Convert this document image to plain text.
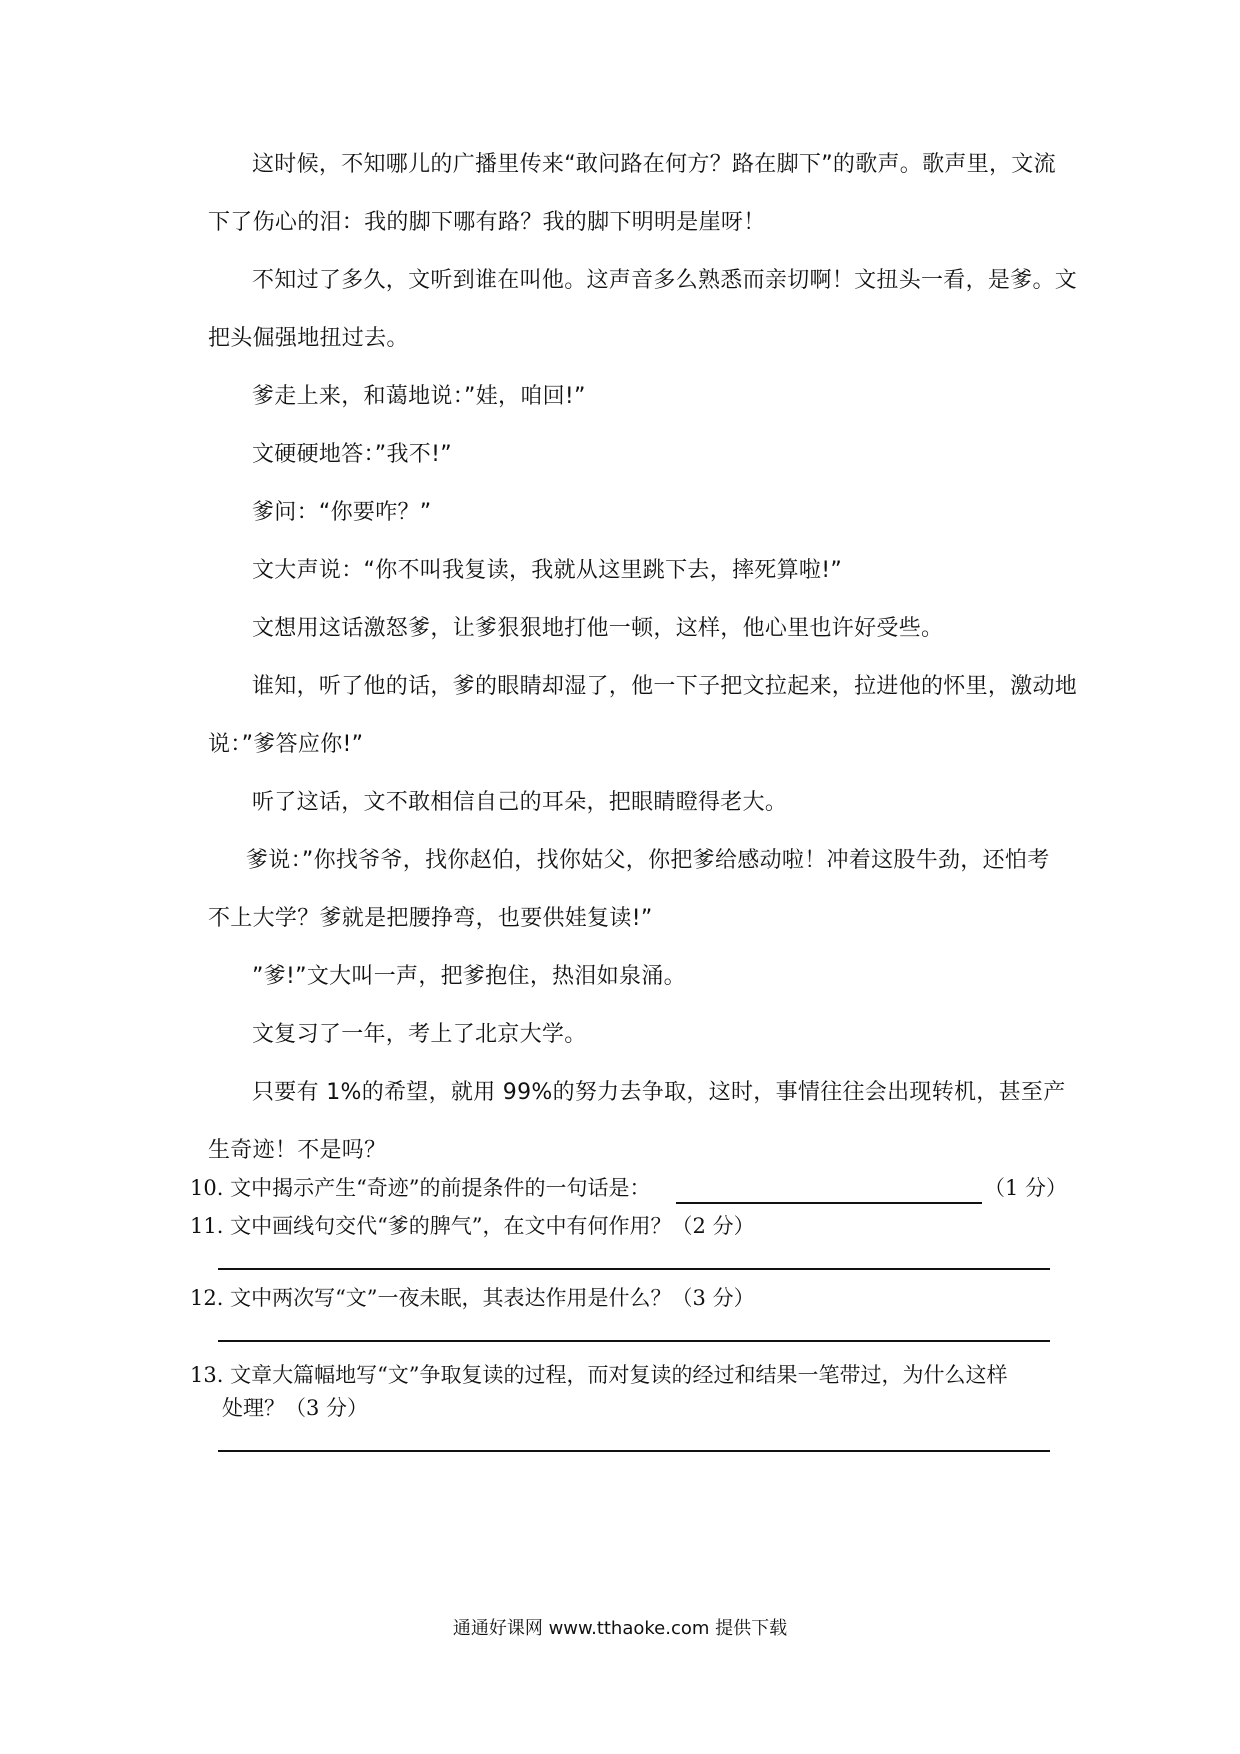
这时候，不知哪儿的广播里传来“敢问路在何方？路在脚下”的歌声。歌声里，文流
下了伤心的泪：我的脚下哪有路？我的脚下明明是崖呀！
不知过了多久，文听到谁在叫他。这声音多么熟悉而亲切啊！文扭头一看，是爹。文
把头倔强地扭过去。
爹走上来，和蔼地说：”娃，咱回!”
文硬硬地答：”我不!”
爹问：“你要咋？”
文大声说：“你不叫我复读，我就从这里跳下去，摔死算啦!”
文想用这话激怒爹，让爹狠狠地打他一顿，这样，他心里也许好受些。
谁知，听了他的话，爹的眼睛却湿了，他一下子把文拉起来，拉进他的怀里，激动地
说：”爹答应你!”
听了这话，文不敢相信自己的耳朵，把眼睛瞪得老大。
爹说：”你找爷爷，找你赵伯，找你姑父，你把爹给感动啦！冲着这股牛劲，还怕考
不上大学？爹就是把腰挣弯，也要供娃复读!”
”爹!”文大叫一声，把爹抱住，热泪如泉涌。
文复习了一年，考上了北京大学。
只要有 1%的希望，就用 99%的努力去争取，这时，事情往往会出现转机，甚至产
生奇迹！不是吗？
10. 文中揭示产生“奇迹”的前提条件的一句话是：	（1 分）
11. 文中画线句交代“爹的脾气”，在文中有何作用？（2 分）
12. 文中两次写“文”一夜未眠，其表达作用是什么？（3 分）
13. 文章大篇幅地写“文”争取复读的过程，而对复读的经过和结果一笔带过，为什么这样
处理？（3 分）
通通好课网 www.tthaoke.com 提供下载
